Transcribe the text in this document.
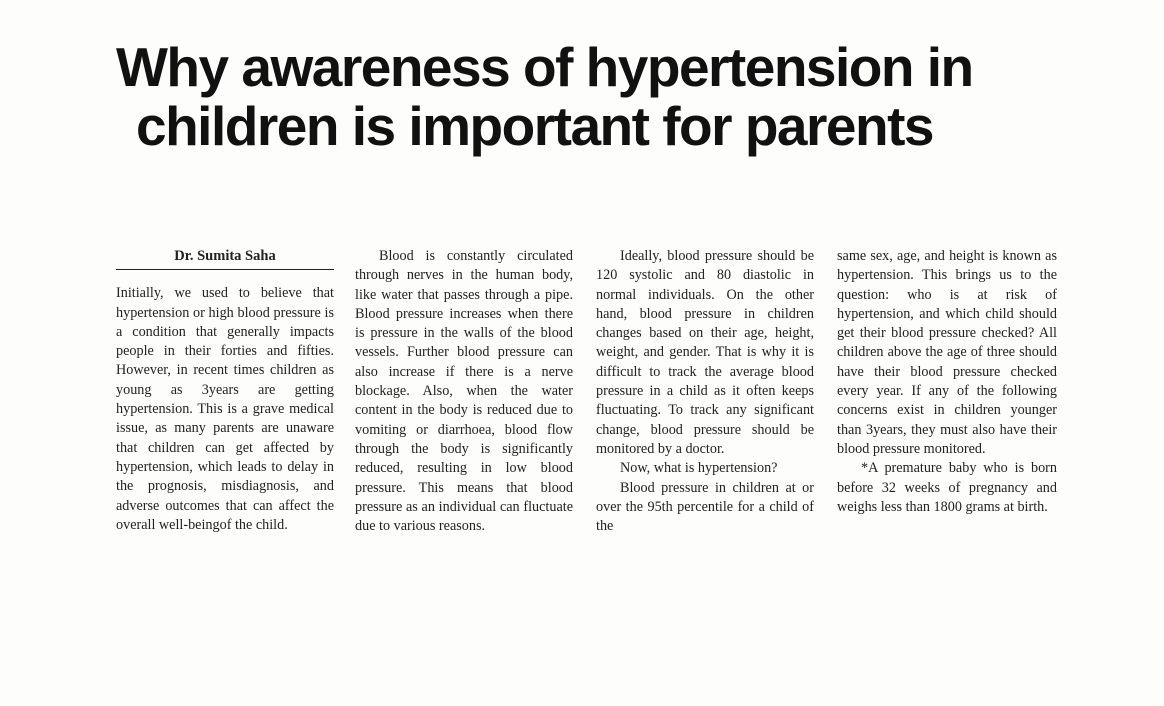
Why awareness of hypertension in
children is important for parents
Dr. Sumita Saha

Initially, we used to believe that hypertension or high blood pressure is a condition that generally impacts people in their forties and fifties. However, in recent times children as young as 3years are getting hypertension. This is a grave medical issue, as many parents are unaware that children can get affected by hypertension, which leads to delay in the prognosis, misdiagnosis, and adverse outcomes that can affect the overall well-beingof the child.

Blood is constantly circulated through nerves in the human body, like water that passes through a pipe. Blood pressure increases when there is pressure in the walls of the blood vessels. Further blood pressure can also increase if there is a nerve blockage. Also, when the water content in the body is reduced due to vomiting or diarrhoea, blood flow through the body is significantly reduced, resulting in low blood pressure. This means that blood pressure as an individual can fluctuate due to various reasons.

Ideally, blood pressure should be 120 systolic and 80 diastolic in normal individuals. On the other hand, blood pressure in children changes based on their age, height, weight, and gender. That is why it is difficult to track the average blood pressure in a child as it often keeps fluctuating. To track any significant change, blood pressure should be monitored by a doctor.

Now, what is hypertension?

Blood pressure in children at or over the 95th percentile for a child of the

same sex, age, and height is known as hypertension. This brings us to the question: who is at risk of hypertension, and which child should get their blood pressure checked? All children above the age of three should have their blood pressure checked every year. If any of the following concerns exist in children younger than 3years, they must also have their blood pressure monitored.

*A premature baby who is born before 32 weeks of pregnancy and weighs less than 1800 grams at birth.
